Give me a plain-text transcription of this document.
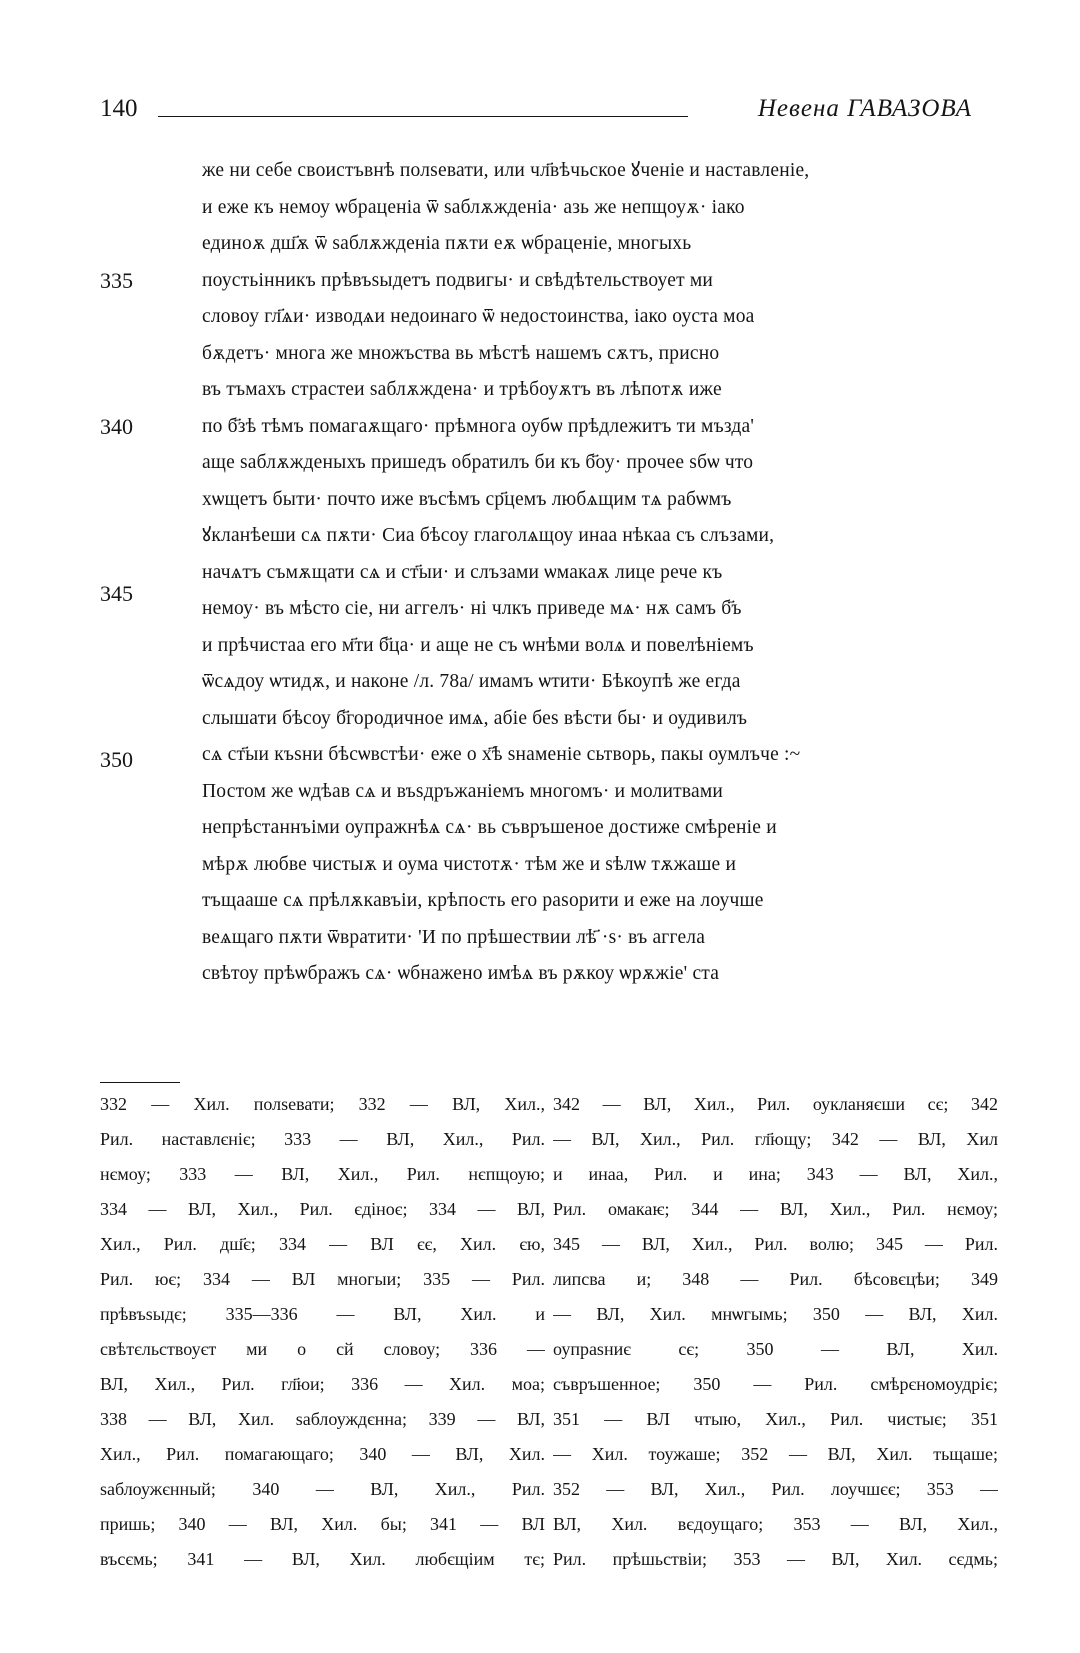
140	Невена ГАВАЗОВА
335
340
345
350
же ни себе своистъвнѣ полѕевати, или чл҃вѣчьское ꙋченіе и наставленіе,
и еже къ немоу ѡбраценіа ѿ ѕаблѫжденіа· азь же непщоуѫ· іако
единоѫ дш҃ѫ ѿ ѕаблѫжденіа пѫти еѫ ѡбраценіе, многыхь
поустьінникъ прѣвъѕыдетъ подвигы· и свѣдѣтельствоует ми
словоу гл҃ѧи· изводѧи недоинаго ѿ недостоинства, іако оуста моа
бѫдетъ· многа же множъства вь мѣстѣ нашемъ сѫтъ, присно
въ тъмахъ страстеи ѕаблѫждена· и трѣбоуѫтъ въ лѣпотѫ иже
по б҃зѣ тѣмъ помагаѫщаго· прѣмнога оубѡ прѣдлежитъ ти мъзда'
аще ѕаблѫжденыхъ пришедъ обратилъ би къ б҃оу· прочее ѕбѡ что
хѡщетъ быти· почто иже въсѣмъ ср҃цемъ любѧщим тѧ рабѡмъ
ꙋкланѣеши сѧ пѫти· Сиа бѣсоу глаголѧщоу инаа нѣкаа съ слъзами,
начѧтъ съмѫщати сѧ и ст҃ыи· и слъзами ѡмакаѫ лице рече къ
немоу· въ мѣсто сіе, ни аггелъ· ні члкъ приведе мѧ· нѫ самъ б҃ъ
и прѣчистаа его м҃ти б҃ца· и аще не съ ѡнѣми волѧ и повелѣніемъ
ѿсѧдоу ѡтидѫ, и наконе /л. 78а/ имамъ ѡтити· Бѣкоупѣ же егда
слышати бѣсоу б҃городичное имѧ, абіе беѕ вѣсти бы· и оудивилъ
сѧ ст҃ыи къѕни бѣсѡвстѣи· еже о х҃ѣ ѕнаменіе сьтворь, пакы оумлъче :~
Постом же ѡдѣав сѧ и въѕдръжаніемъ многомъ· и молитвами
непрѣстаннъіми оупражнѣѧ сѧ· вь съвръшеное достиже смѣреніе и
мѣрѫ любве чистыѫ и оума чистотѫ· тѣм же и ѕѣлѡ тѫжаше и
тъщааше сѧ прѣлѫкавъіи, крѣпость его раѕорити и еже на лоучше
веѧщаго пѫти ѿвратити· 'И по прѣшествии лѣ҃ ·ѕ· въ аггела
свѣтоу прѣѡбражъ сѧ· ѡбнажено имѣѧ въ рѫкоу ѡрѫжіе' ста
332 — Хил. полѕевати; 332 — ВЛ, Хил.,
Рил. наставлєніє; 333 — ВЛ, Хил., Рил.
нємоу; 333 — ВЛ, Хил., Рил. нєпщоую;
334 — ВЛ, Хил., Рил. єдінοє; 334 — ВЛ,
Хил., Рил. дш҃є; 334 — ВЛ єє, Хил. єю,
Рил. ює; 334 — ВЛ многыи; 335 — Рил.
прѣвъѕыдє; 335—336 — ВЛ, Хил. и
свѣтєльствоуєт ми о сй словоу; 336 —
ВЛ, Хил., Рил. гл҃юи; 336 — Хил. моа;
338 — ВЛ, Хил. ѕаблоуждєнна; 339 — ВЛ,
Хил., Рил. помагающаго; 340 — ВЛ, Хил.
ѕаблоужєнный; 340 — ВЛ, Хил., Рил.
пришь; 340 — ВЛ, Хил. бы; 341 — ВЛ
въсємь; 341 — ВЛ, Хил. любєщіим тє;
342 — ВЛ, Хил., Рил. оукланяєши сє; 342
— ВЛ, Хил., Рил. гл҃ющу; 342 — ВЛ, Хил
и инаа, Рил. и ина; 343 — ВЛ, Хил.,
Рил. омакаѥ; 344 — ВЛ, Хил., Рил. нємоу;
345 — ВЛ, Хил., Рил. волю; 345 — Рил.
липсва и; 348 — Рил. бѣсовєцѣи; 349
— ВЛ, Хил. мнѡгымь; 350 — ВЛ, Хил.
оупраѕниє сє; 350 — ВЛ, Хил.
съвръшенное; 350 — Рил. смѣрєномоудріє;
351 — ВЛ чтыю, Хил., Рил. чистыє; 351
— Хил. тоужаше; 352 — ВЛ, Хил. тьщаше;
352 — ВЛ, Хил., Рил. лоучшєє; 353 —
ВЛ, Хил. вєдоущаго; 353 — ВЛ, Хил.,
Рил. прѣшьствіи; 353 — ВЛ, Хил. сєдмь;
